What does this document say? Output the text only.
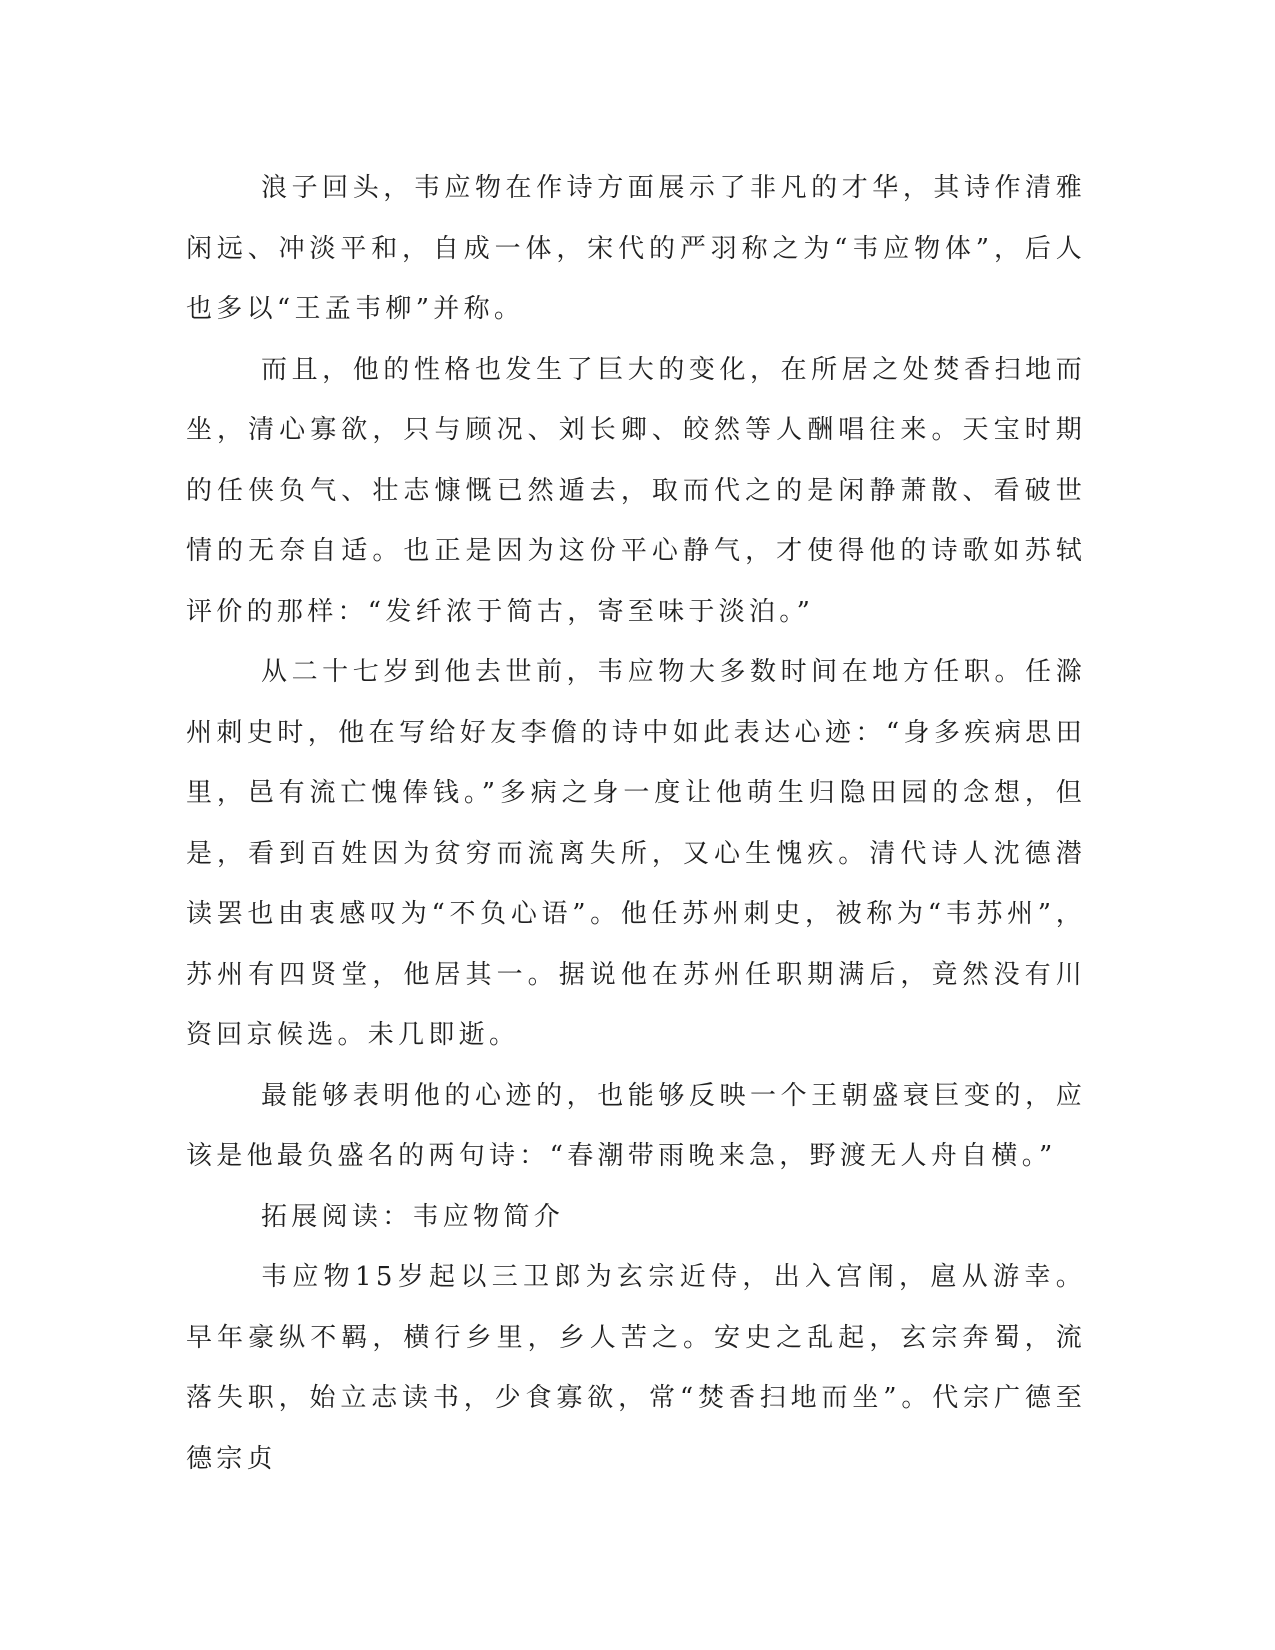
浪子回头，韦应物在作诗方面展示了非凡的才华，其诗作清雅闲远、冲淡平和，自成一体，宋代的严羽称之为“韦应物体”，后人也多以“王孟韦柳”并称。

而且，他的性格也发生了巨大的变化，在所居之处焚香扫地而坐，清心寡欲，只与顾况、刘长卿、皎然等人酬唱往来。天宝时期的任侠负气、壮志慷慨已然遁去，取而代之的是闲静萧散、看破世情的无奈自适。也正是因为这份平心静气，才使得他的诗歌如苏轼评价的那样：“发纤浓于简古，寄至味于淡泊。”

从二十七岁到他去世前，韦应物大多数时间在地方任职。任滁州刺史时，他在写给好友李儋的诗中如此表达心迹：“身多疾病思田里，邑有流亡愧俸钱。”多病之身一度让他萌生归隐田园的念想，但是，看到百姓因为贫穷而流离失所，又心生愧疚。清代诗人沈德潜读罢也由衷感叹为“不负心语”。他任苏州刺史，被称为“韦苏州”，苏州有四贤堂，他居其一。据说他在苏州任职期满后，竟然没有川资回京候选。未几即逝。

最能够表明他的心迹的，也能够反映一个王朝盛衰巨变的，应该是他最负盛名的两句诗：“春潮带雨晚来急，野渡无人舟自横。”

拓展阅读：韦应物简介

韦应物15岁起以三卫郎为玄宗近侍，出入宫闱，扈从游幸。早年豪纵不羁，横行乡里，乡人苦之。安史之乱起，玄宗奔蜀，流落失职，始立志读书，少食寡欲，常“焚香扫地而坐”。代宗广德至德宗贞
